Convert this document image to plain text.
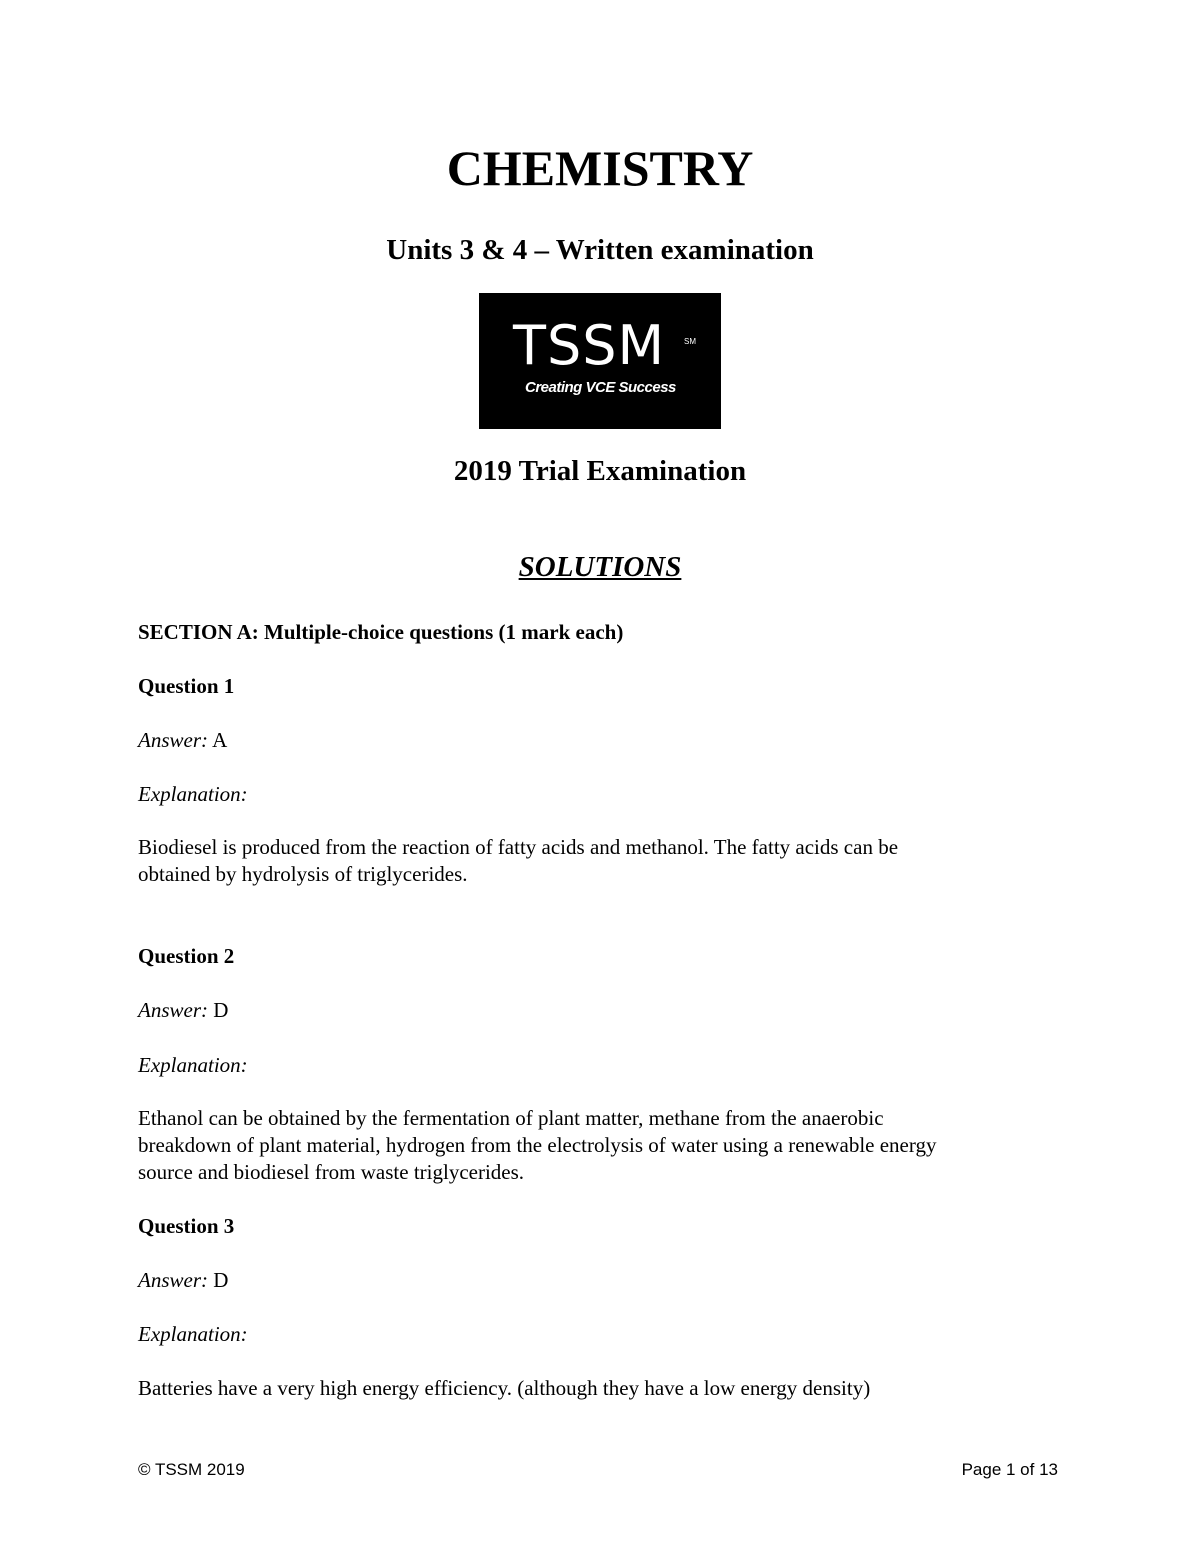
CHEMISTRY
Units 3 & 4 – Written examination
TSSM SM
Creating VCE Success
2019 Trial Examination
SOLUTIONS
SECTION A: Multiple-choice questions (1 mark each)
Question 1
Answer: A
Explanation:
Biodiesel is produced from the reaction of fatty acids and methanol. The fatty acids can be
obtained by hydrolysis of triglycerides.
Question 2
Answer: D
Explanation:
Ethanol can be obtained by the fermentation of plant matter, methane from the anaerobic
breakdown of plant material, hydrogen from the electrolysis of water using a renewable energy
source and biodiesel from waste triglycerides.
Question 3
Answer: D
Explanation:
Batteries have a very high energy efficiency. (although they have a low energy density)
© TSSM 2019	Page 1 of 13
